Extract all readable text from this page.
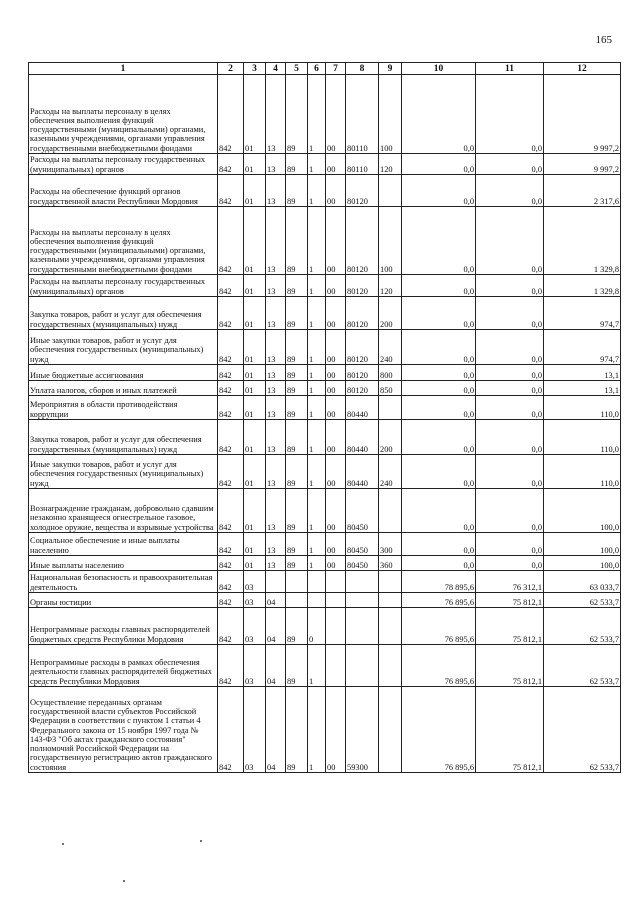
165
1	2	3	4	5	6	7	8	9	10	11	12
Расходы на выплаты персоналу в целях обеспечения выполнения функций государственными (муниципальными) органами, казенными учреждениями, органами управления государственными внебюджетными фондами	842	01	13	89	1	00	80110	100	0,0	0,0	9 997,2
Расходы на выплаты персоналу государственных (муниципальных) органов	842	01	13	89	1	00	80110	120	0,0	0,0	9 997,2
Расходы на обеспечение функций органов государственной власти Республики Мордовия	842	01	13	89	1	00	80120		0,0	0,0	2 317,6
Расходы на выплаты персоналу в целях обеспечения выполнения функций государственными (муниципальными) органами, казенными учреждениями, органами управления государственными внебюджетными фондами	842	01	13	89	1	00	80120	100	0,0	0,0	1 329,8
Расходы на выплаты персоналу государственных (муниципальных) органов	842	01	13	89	1	00	80120	120	0,0	0,0	1 329,8
Закупка товаров, работ и услуг для обеспечения государственных (муниципальных) нужд	842	01	13	89	1	00	80120	200	0,0	0,0	974,7
Иные закупки товаров, работ и услуг для обеспечения государственных (муниципальных) нужд	842	01	13	89	1	00	80120	240	0,0	0,0	974,7
Иные бюджетные ассигнования	842	01	13	89	1	00	80120	800	0,0	0,0	13,1
Уплата налогов, сборов и иных платежей	842	01	13	89	1	00	80120	850	0,0	0,0	13,1
Мероприятия в области противодействия коррупции	842	01	13	89	1	00	80440		0,0	0,0	110,0
Закупка товаров, работ и услуг для обеспечения государственных (муниципальных) нужд	842	01	13	89	1	00	80440	200	0,0	0,0	110,0
Иные закупки товаров, работ и услуг для обеспечения государственных (муниципальных) нужд	842	01	13	89	1	00	80440	240	0,0	0,0	110,0
Вознаграждение гражданам, добровольно сдавшим незаконно хранящееся огнестрельное газовое, холодное оружие, вещества и взрывные устройства	842	01	13	89	1	00	80450		0,0	0,0	100,0
Социальное обеспечение и иные выплаты населению	842	01	13	89	1	00	80450	300	0,0	0,0	100,0
Иные выплаты населению	842	01	13	89	1	00	80450	360	0,0	0,0	100,0
Национальная безопасность и правоохранительная деятельность	842	03							78 895,6	76 312,1	63 033,7
Органы юстиции	842	03	04						76 895,6	75 812,1	62 533,7
Непрограммные расходы главных распорядителей бюджетных средств Республики Мордовия	842	03	04	89	0				76 895,6	75 812,1	62 533,7
Непрограммные расходы в рамках обеспечения деятельности главных распорядителей бюджетных средств Республики Мордовия	842	03	04	89	1				76 895,6	75 812,1	62 533,7
Осуществление переданных органам государственной власти субъектов Российской Федерации в соответствии с пунктом 1 статьи 4 Федерального закона от 15 ноября 1997 года № 143-ФЗ "Об актах гражданского состояния" полномочий Российской Федерации на государственную регистрацию актов гражданского состояния	842	03	04	89	1	00	59300		76 895,6	75 812,1	62 533,7
